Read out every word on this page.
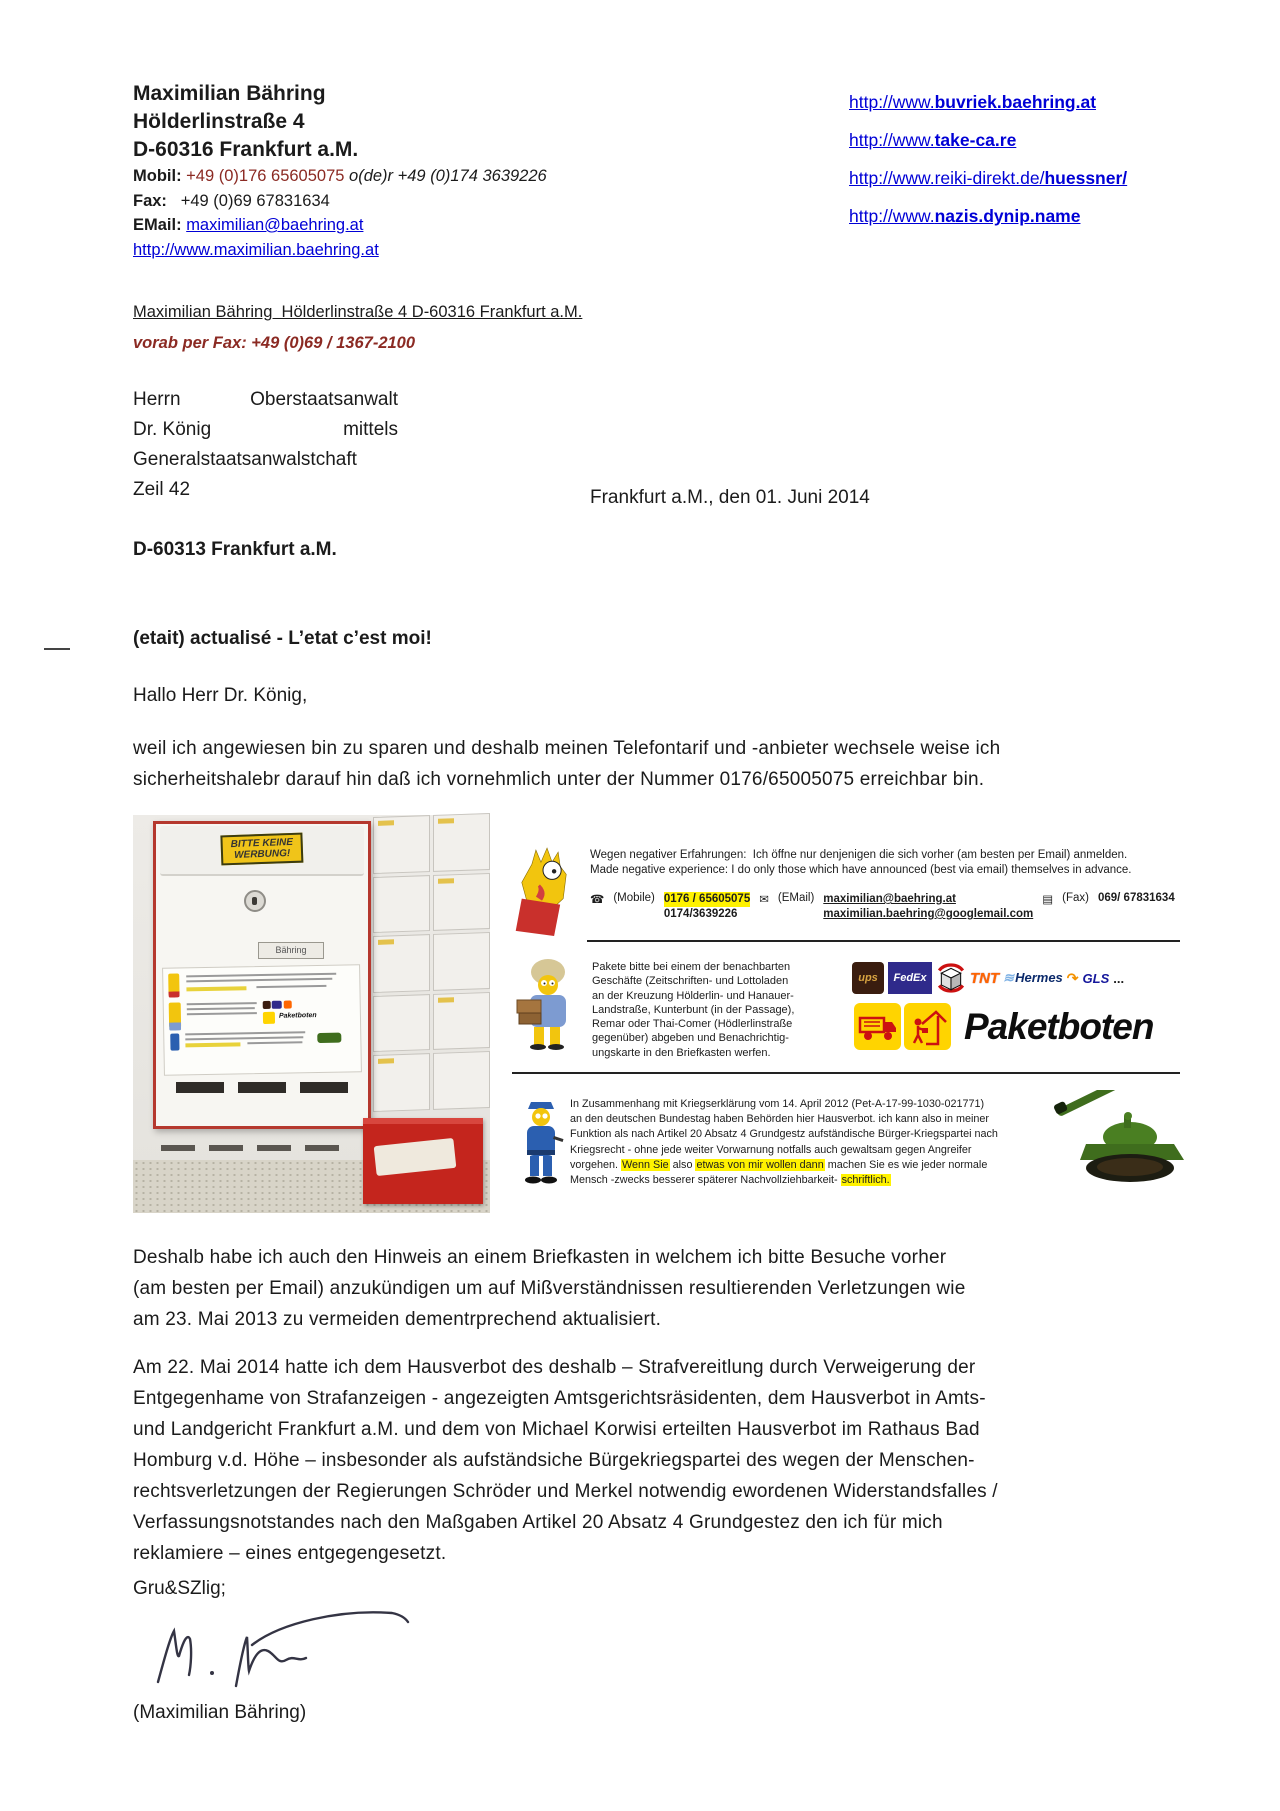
Maximilian Bähring
Hölderlinstraße 4
D-60316 Frankfurt a.M.
Mobil: +49 (0)176 65605075 o(de)r +49 (0)174 3639226
Fax: +49 (0)69 67831634
EMail: maximilian@baehring.at
http://www.maximilian.baehring.at
http://www.buvriek.baehring.at
http://www.take-ca.re
http://www.reiki-direkt.de/huessner/
http://www.nazis.dynip.name
Maximilian Bähring  Hölderlinstraße 4 D-60316 Frankfurt a.M.
vorab per Fax: +49 (0)69 / 1367-2100
Herrn	Oberstaatsanwalt
Dr. König	mittels
Generalstaatsanwalstchaft
Zeil 42
D-60313 Frankfurt a.M.
Frankfurt a.M., den 01. Juni 2014
(etait) actualisé - L’etat c’est moi!
Hallo Herr Dr. König,
weil ich angewiesen bin zu sparen und deshalb meinen Telefontarif und -anbieter wechsele weise ich
sicherheitshalebr darauf hin daß ich vornehmlich unter der Nummer 0176/65005075 erreichbar bin.
BITTE KEINE
WERBUNG!
Bähring
Paketboten
Wegen negativer Erfahrungen:  Ich öffne nur denjenigen die sich vorher (am besten per Email) anmelden.
Made negative experience: I do only those which have announced (best via email) themselves in advance.
☎ (Mobile) 0176 / 65605075
0174/3639226
✉ (EMail) maximilian@baehring.at
maximilian.baehring@googlemail.com
▤ (Fax) 069/ 67831634
Pakete bitte bei einem der benachbarten
Geschäfte (Zeitschriften- und Lottoladen
an der Kreuzung Hölderlin- und Hanauer-
Landstraße, Kunterbunt (in der Passage),
Remar oder Thai-Comer (Hödlerlinstraße
gegenüber) abgeben und Benachrichtig-
ungskarte in den Briefkasten werfen.
ups	FedEx	TNT	≋ Hermes ↷ GLS ...
Paketboten
In Zusammenhang mit Kriegserklärung vom 14. April 2012 (Pet-A-17-99-1030-021771)
an den deutschen Bundestag haben Behörden hier Hausverbot. ich kann also in meiner
Funktion als nach Artikel 20 Absatz 4 Grundgestz aufständische Bürger-Kriegspartei nach
Kriegsrecht - ohne jede weiter Vorwarnung notfalls auch gewaltsam gegen Angreifer
vorgehen. Wenn Sie also etwas von mir wollen dann machen Sie es wie jeder normale
Mensch -zwecks besserer späterer Nachvollziehbarkeit- schriftlich.
Deshalb habe ich auch den Hinweis an einem Briefkasten in welchem ich bitte Besuche vorher
(am besten per Email) anzukündigen um auf Mißverständnissen resultierenden Verletzungen wie
am 23. Mai 2013 zu vermeiden dementrprechend aktualisiert.
Am 22. Mai 2014 hatte ich dem Hausverbot des deshalb – Strafvereitlung durch Verweigerung der
Entgegenhame von Strafanzeigen - angezeigten Amtsgerichtsräsidenten, dem Hausverbot in Amts-
und Landgericht Frankfurt a.M. und dem von Michael Korwisi erteilten Hausverbot im Rathaus Bad
Homburg v.d. Höhe – insbesonder als aufständsiche Bürgekriegspartei des wegen der Menschen-
rechtsverletzungen der Regierungen Schröder und Merkel notwendig ewordenen Widerstandsfalles /
Verfassungsnotstandes nach den Maßgaben Artikel 20 Absatz 4 Grundgestez den ich für mich
reklamiere – eines entgegengesetzt.
Gru&SZlig;
(Maximilian Bähring)
